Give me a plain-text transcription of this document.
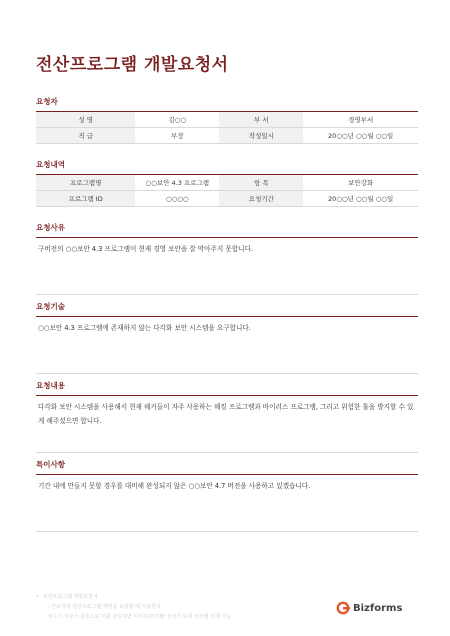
전산프로그램 개발요청서
요청자
성 명	김○○	부 서	경영부서
직 급	부장	작성일시	20○○년 ○○월 ○○일
요청내역
프로그램명	○○보안 4.3 프로그램	항 목	보안강화
프로그램 ID	○○○○	요청기간	20○○년 ○○월 ○○일
요청사유
구버전의 ○○보안 4.3 프로그램이 현재 경영 보안을 잘 막아주지 못합니다.
요청기술
○○보안 4.3 프로그램에 존재하지 않는 다각화 보안 시스템을 요구합니다.
요청내용
다각화 보안 시스템을 사용해서 현재 해커들이 자주 사용하는 해킹 프로그램과 바이러스 프로그램, 그리고 위험한 툴을 방지할 수 있게 해주셨으면 합니다.
특이사항
기간 내에 만들지 못할 경우를 대비해 완성되지 않은 ○○보안 4.7 버전을 사용하고 있겠습니다.
• 전산프로그램 개발요청서
- 근로자의 전산프로그램 개발을 요청할 때 사용한다.
마우스 이쿠스 원목으로 더블 클릭하면 이미지/모리필' 상자가 뜨며 모리필 삭제 가능
Bizforms
